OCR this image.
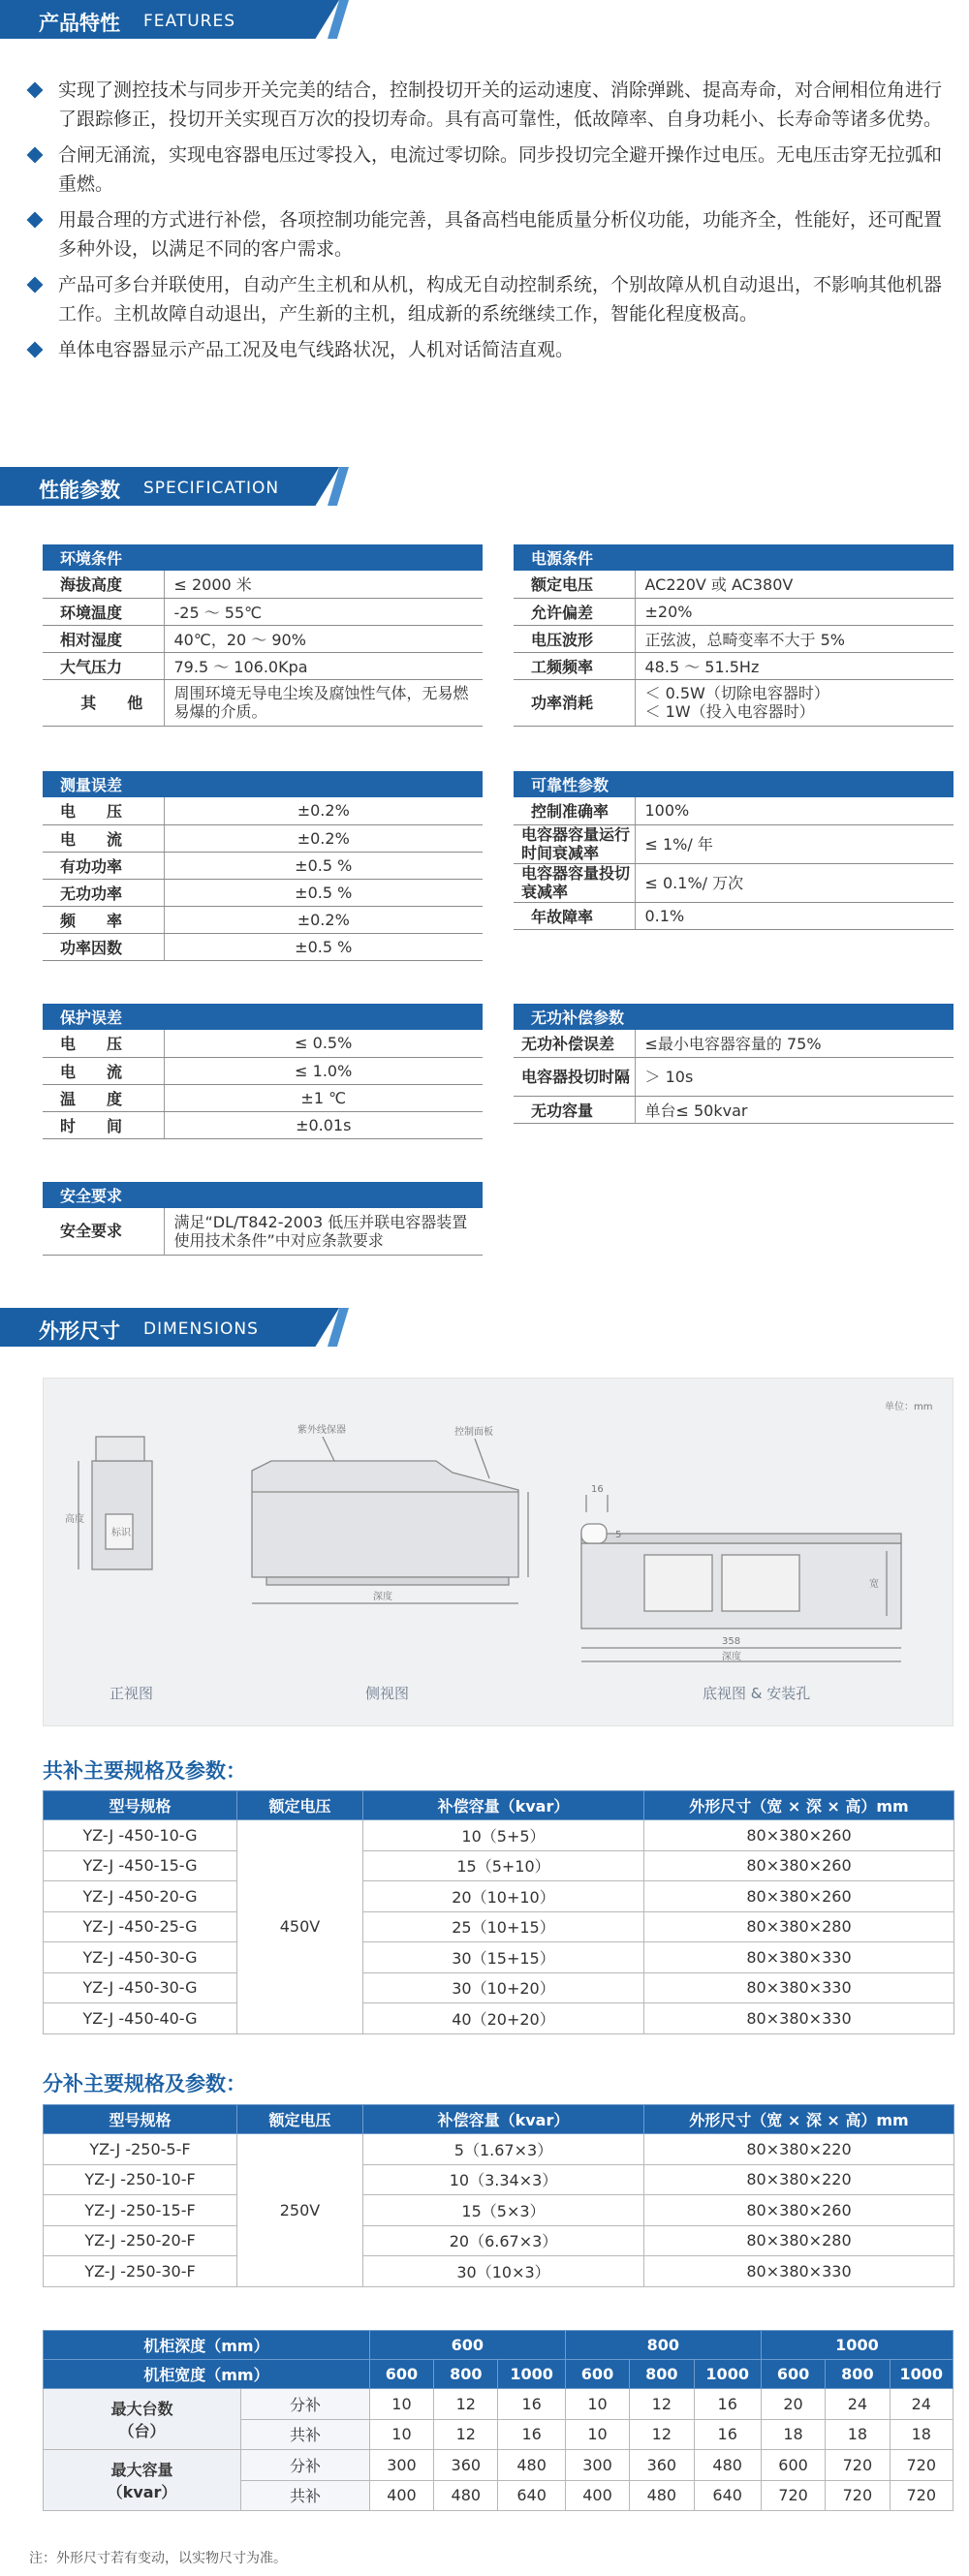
产品特性 FEATURES
实现了测控技术与同步开关完美的结合，控制投切开关的运动速度、消除弹跳、提高寿命，对合闸相位角进行了跟踪修正，投切开关实现百万次的投切寿命。具有高可靠性，低故障率、自身功耗小、长寿命等诸多优势。
合闸无涌流，实现电容器电压过零投入，电流过零切除。同步投切完全避开操作过电压。无电压击穿无拉弧和重燃。
用最合理的方式进行补偿，各项控制功能完善，具备高档电能质量分析仪功能，功能齐全，性能好，还可配置多种外设，以满足不同的客户需求。
产品可多台并联使用，自动产生主机和从机，构成无自动控制系统，个别故障从机自动退出，不影响其他机器工作。主机故障自动退出，产生新的主机，组成新的系统继续工作，智能化程度极高。
单体电容器显示产品工况及电气线路状况，人机对话简洁直观。
性能参数 SPECIFICATION
环境条件	
海拔高度	≤ 2000 米
环境温度	-25 ～ 55℃
相对湿度	40℃，20 ～ 90%
大气压力	79.5 ～ 106.0Kpa
其　　他	周围环境无导电尘埃及腐蚀性气体，无易燃易爆的介质。
电源条件	
额定电压	AC220V 或 AC380V
允许偏差	±20%
电压波形	正弦波，总畸变率不大于 5%
工频频率	48.5 ～ 51.5Hz
功率消耗	＜ 0.5W（切除电容器时）
＜ 1W（投入电容器时）
测量误差	
电　　压	±0.2%
电　　流	±0.2%
有功功率	±0.5 %
无功功率	±0.5 %
频　　率	±0.2%
功率因数	±0.5 %
可靠性参数	
控制准确率	100%
电容器容量运行时间衰减率	≤ 1%/ 年
电容器容量投切衰减率	≤ 0.1%/ 万次
年故障率	0.1%
保护误差	
电　　压	≤ 0.5%
电　　流	≤ 1.0%
温　　度	±1 ℃
时　　间	±0.01s
无功补偿参数	
无功补偿误差	≤最小电容器容量的 75%
电容器投切时隔	＞ 10s
无功容量	单台≤ 50kvar
安全要求
安全要求	满足“DL/T842-2003 低压并联电容器装置使用技术条件”中对应条款要求
外形尺寸 DIMENSIONS
单位：mm
紫外线保器	控制面板
高度
标识
深度
358
深度
16
5
宽
正视图	侧视图	底视图 & 安装孔
共补主要规格及参数：
型号规格	额定电压	补偿容量（kvar）	外形尺寸（宽 × 深 × 高）mm
YZ-J -450-10-G	450V	10（5+5）	80×380×260
YZ-J -450-15-G		15（5+10）	80×380×260
YZ-J -450-20-G		20（10+10）	80×380×260
YZ-J -450-25-G		25（10+15）	80×380×280
YZ-J -450-30-G		30（15+15）	80×380×330
YZ-J -450-30-G		30（10+20）	80×380×330
YZ-J -450-40-G		40（20+20）	80×380×330
分补主要规格及参数：
型号规格	额定电压	补偿容量（kvar）	外形尺寸（宽 × 深 × 高）mm
YZ-J -250-5-F	250V	5（1.67×3）	80×380×220
YZ-J -250-10-F		10（3.34×3）	80×380×220
YZ-J -250-15-F		15（5×3）	80×380×260
YZ-J -250-20-F		20（6.67×3）	80×380×280
YZ-J -250-30-F		30（10×3）	80×380×330
机柜深度（mm）		600			800			1000		
机柜宽度（mm）		600	800	1000	600	800	1000	600	800	1000
最大台数
（台）	分补	10	12	16	10	12	16	20	24	24
	共补	10	12	16	10	12	16	18	18	18
最大容量
（kvar）	分补	300	360	480	300	360	480	600	720	720
	共补	400	480	640	400	480	640	720	720	720
注：外形尺寸若有变动，以实物尺寸为准。
